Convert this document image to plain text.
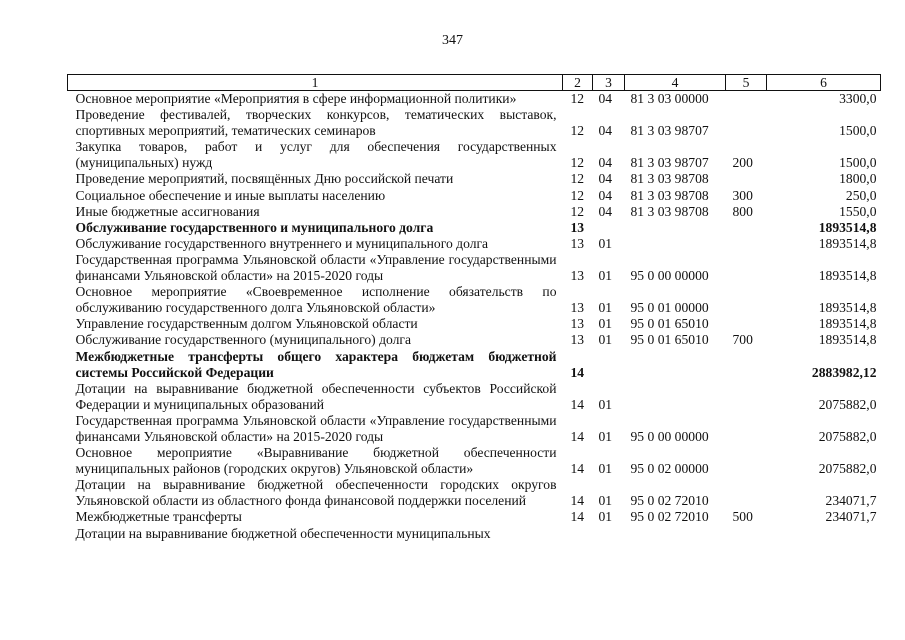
347
1	2	3	4	5	6
Основное мероприятие «Мероприятия в сфере информационной политики»	12	04	81 3 03 00000		3300,0
Проведение фестивалей, творческих конкурсов, тематических выставок, спортивных мероприятий, тематических семинаров	12	04	81 3 03 98707		1500,0
Закупка товаров, работ и услуг для обеспечения государственных (муниципальных) нужд	12	04	81 3 03 98707	200	1500,0
Проведение мероприятий, посвящённых Дню российской печати	12	04	81 3 03 98708		1800,0
Социальное обеспечение и иные выплаты населению	12	04	81 3 03 98708	300	250,0
Иные бюджетные ассигнования	12	04	81 3 03 98708	800	1550,0
Обслуживание государственного и муниципального долга	13				1893514,8
Обслуживание государственного внутреннего и муниципального долга	13	01			1893514,8
Государственная программа Ульяновской области «Управление государственными финансами Ульяновской области» на 2015-2020 годы	13	01	95 0 00 00000		1893514,8
Основное мероприятие «Своевременное исполнение обязательств по обслуживанию государственного долга Ульяновской области»	13	01	95 0 01 00000		1893514,8
Управление государственным долгом Ульяновской области	13	01	95 0 01 65010		1893514,8
Обслуживание государственного (муниципального) долга	13	01	95 0 01 65010	700	1893514,8
Межбюджетные трансферты общего характера бюджетам бюджетной системы Российской Федерации	14				2883982,12
Дотации на выравнивание бюджетной обеспеченности субъектов Российской Федерации и муниципальных образований	14	01			2075882,0
Государственная программа Ульяновской области «Управление государственными финансами Ульяновской области» на 2015-2020 годы	14	01	95 0 00 00000		2075882,0
Основное мероприятие «Выравнивание бюджетной обеспеченности муниципальных районов (городских округов) Ульяновской области»	14	01	95 0 02 00000		2075882,0
Дотации на выравнивание бюджетной обеспеченности городских округов Ульяновской области из областного фонда финансовой поддержки поселений	14	01	95 0 02 72010		234071,7
Межбюджетные трансферты	14	01	95 0 02 72010	500	234071,7
Дотации на выравнивание бюджетной обеспеченности муниципальных					
